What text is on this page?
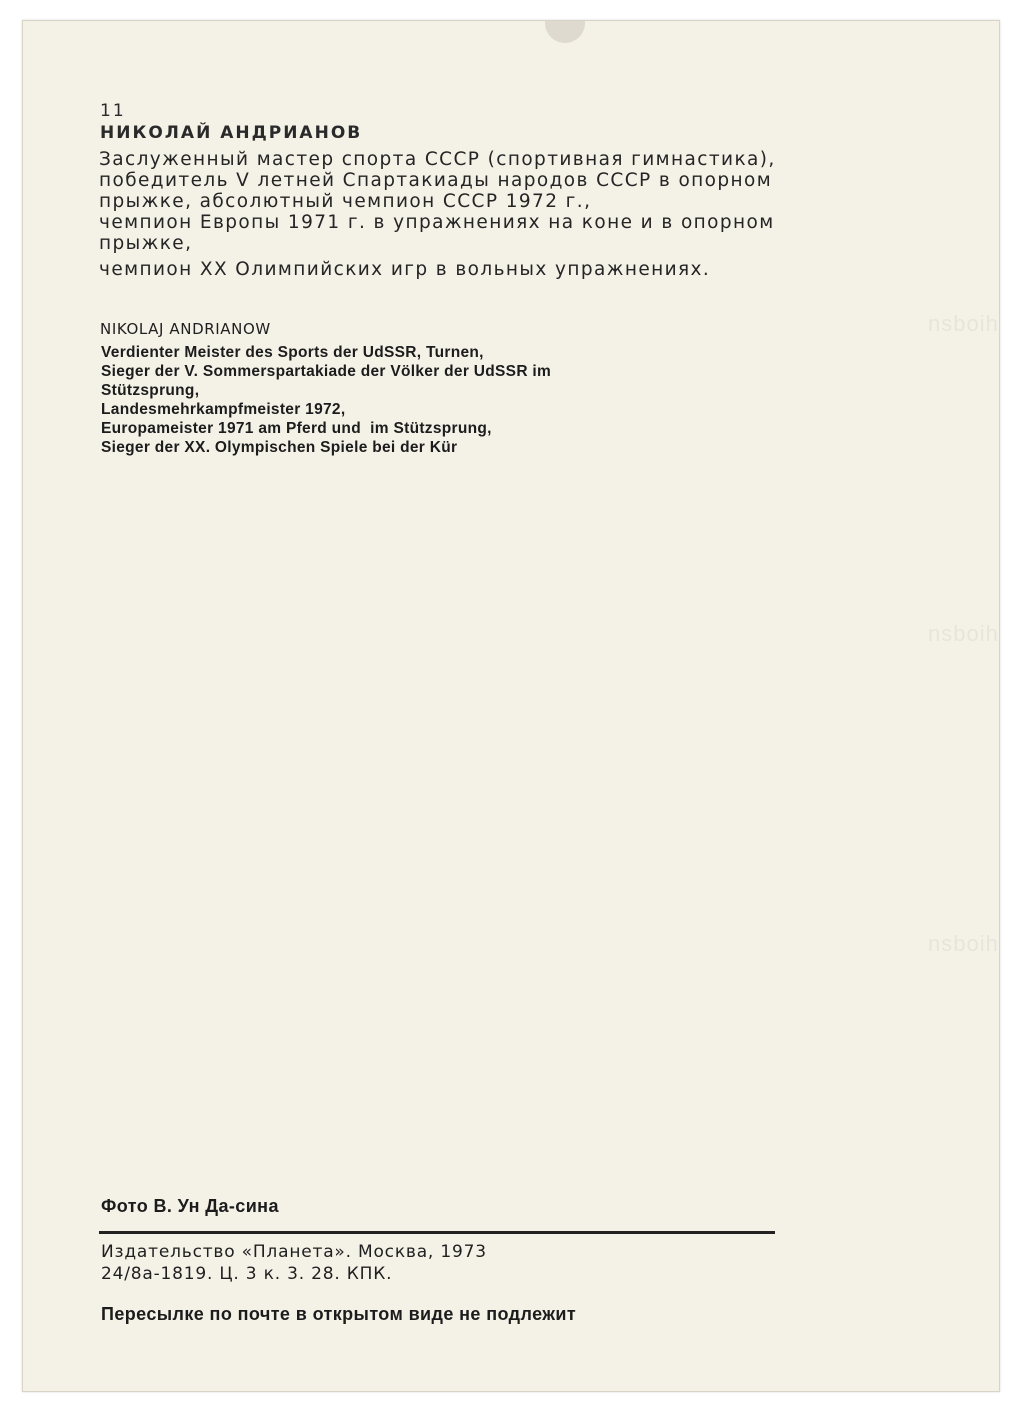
11
НИКОЛАЙ АНДРИАНОВ
Заслуженный мастер спорта СССР (спортивная гимнастика),
победитель V летней Спартакиады народов СССР в опорном
прыжке, абсолютный чемпион СССР 1972 г.,
чемпион Европы 1971 г. в упражнениях на коне и в опорном
прыжке,
чемпион XX Олимпийских игр в вольных упражнениях.
NIKOLAJ ANDRIANOW
Verdienter Meister des Sports der UdSSR, Turnen,
Sieger der V. Sommerspartakiade der Völker der UdSSR im
Stützsprung,
Landesmehrkampfmeister 1972,
Europameister 1971 am Pferd und  im Stützsprung,
Sieger der XX. Olympischen Spiele bei der Kür
nsboih
nsboih
nsboih
Фото В. Ун Да-сина
Издательство «Планета». Москва, 1973
24/8а-1819. Ц. 3 к. 3. 28. КПК.
Пересылке по почте в открытом виде не подлежит
